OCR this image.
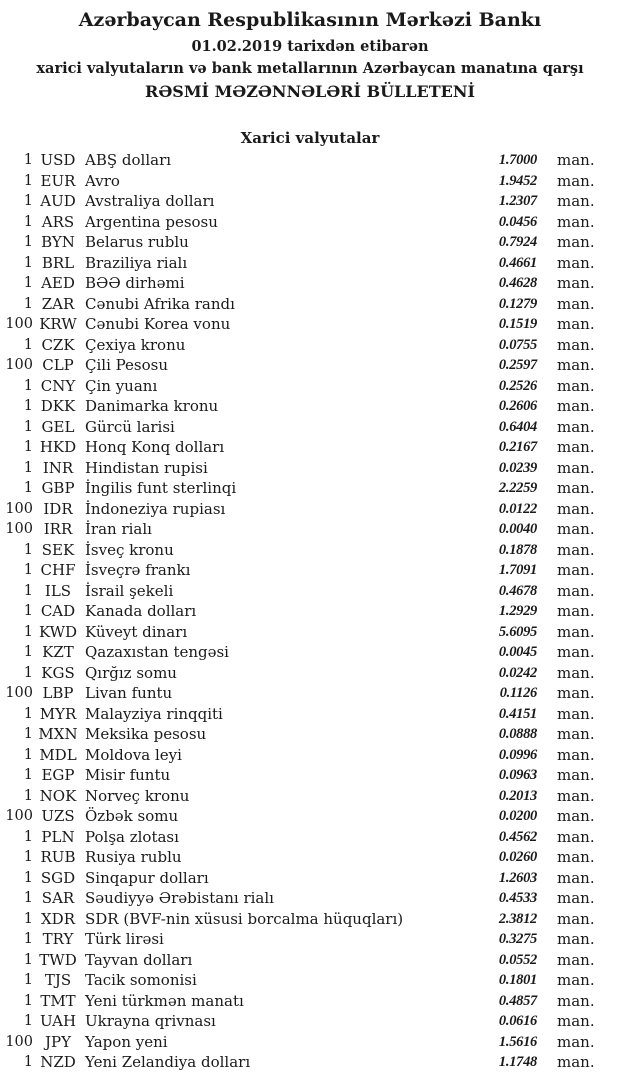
Azərbaycan Respublikasının Mərkəzi Bankı
01.02.2019 tarixdən etibarən
xarici valyutaların və bank metallarının Azərbaycan manatına qarşı
RƏSMİ MƏZƏNNƏLƏRİ BÜLLETENİ
Xarici valyutalar
1 USD ABŞ dolları	1.7000	man.
1 EUR Avro	1.9452	man.
1 AUD Avstraliya dolları	1.2307	man.
1 ARS Argentina pesosu	0.0456	man.
1 BYN Belarus rublu	0.7924	man.
1 BRL Braziliya rialı	0.4661	man.
1 AED BƏƏ dirhəmi	0.4628	man.
1 ZAR Cənubi Afrika randı	0.1279	man.
100 KRW Cənubi Korea vonu	0.1519	man.
1 CZK Çexiya kronu	0.0755	man.
100 CLP Çili Pesosu	0.2597	man.
1 CNY Çin yuanı	0.2526	man.
1 DKK Danimarka kronu	0.2606	man.
1 GEL Gürcü larisi	0.6404	man.
1 HKD Honq Konq dolları	0.2167	man.
1 INR Hindistan rupisi	0.0239	man.
1 GBP İngilis funt sterlinqi	2.2259	man.
100 IDR İndoneziya rupiası	0.0122	man.
100 IRR İran rialı	0.0040	man.
1 SEK İsveç kronu	0.1878	man.
1 CHF İsveçrə frankı	1.7091	man.
1 ILS İsrail şekeli	0.4678	man.
1 CAD Kanada dolları	1.2929	man.
1 KWD Küveyt dinarı	5.6095	man.
1 KZT Qazaxıstan tengəsi	0.0045	man.
1 KGS Qırğız somu	0.0242	man.
100 LBP Livan funtu	0.1126	man.
1 MYR Malayziya rinqqiti	0.4151	man.
1 MXN Meksika pesosu	0.0888	man.
1 MDL Moldova leyi	0.0996	man.
1 EGP Misir funtu	0.0963	man.
1 NOK Norveç kronu	0.2013	man.
100 UZS Özbək somu	0.0200	man.
1 PLN Polşa zlotası	0.4562	man.
1 RUB Rusiya rublu	0.0260	man.
1 SGD Sinqapur dolları	1.2603	man.
1 SAR Səudiyyə Ərəbistanı rialı	0.4533	man.
1 XDR SDR (BVF-nin xüsusi borcalma hüquqları)	2.3812	man.
1 TRY Türk lirəsi	0.3275	man.
1 TWD Tayvan dolları	0.0552	man.
1 TJS Tacik somonisi	0.1801	man.
1 TMT Yeni türkmən manatı	0.4857	man.
1 UAH Ukrayna qrivnası	0.0616	man.
100 JPY Yapon yeni	1.5616	man.
1 NZD Yeni Zelandiya dolları	1.1748	man.
